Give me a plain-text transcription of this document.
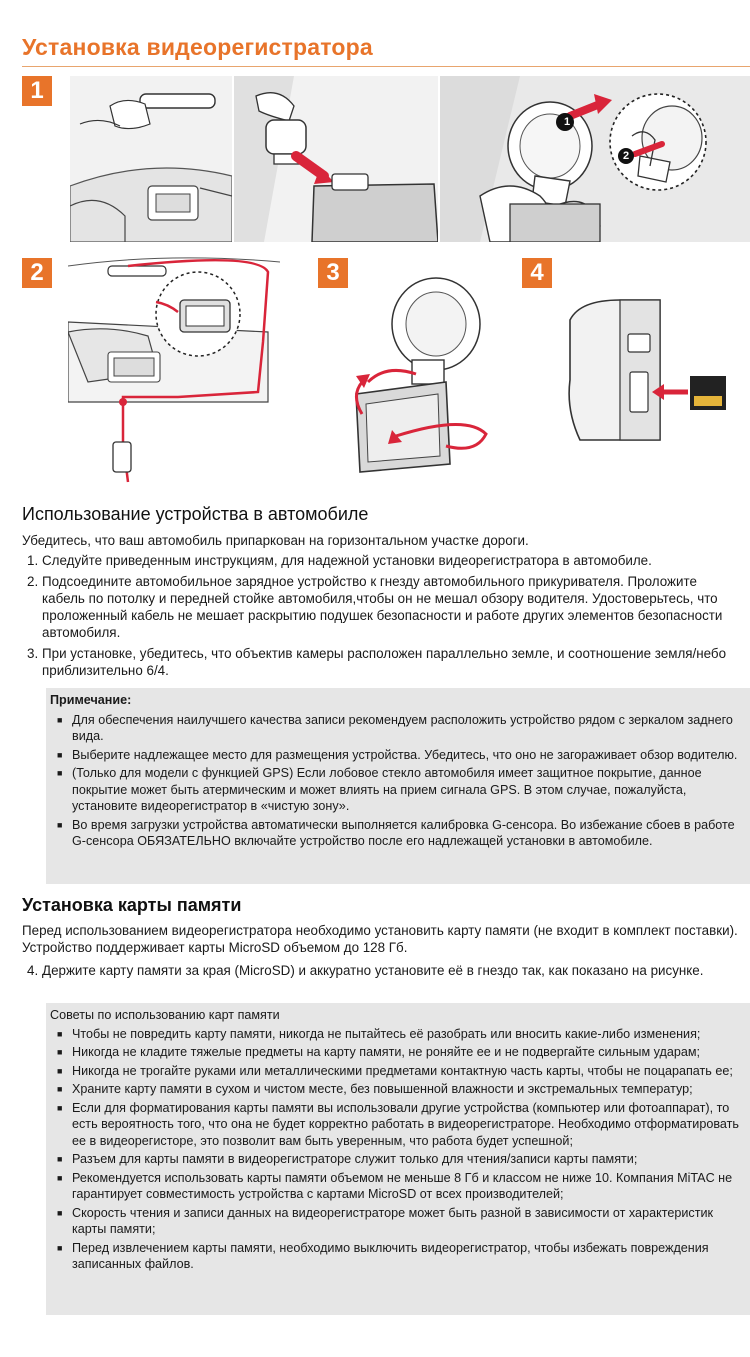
Установка видеорегистратора
1
1
2
2	3	4
Использование устройства в автомобиле
Убедитесь, что ваш автомобиль припаркован на горизонтальном участке дороги.
1. Следуйте приведенным инструкциям, для надежной установки видеорегистратора в автомобиле.
2. Подсоедините автомобильное зарядное устройство к гнезду автомобильного прикуривателя. Проложите кабель по потолку и передней стойке автомобиля,чтобы он не мешал обзору водителя. Удостоверьтесь, что проложенный кабель не мешает раскрытию подушек безопасности и работе других элементов безопасности автомобиля.
3. При установке, убедитесь, что объектив камеры расположен параллельно земле, и соотношение земля/небо приблизительно 6/4.
Примечание:
■ Для обеспечения наилучшего качества записи рекомендуем расположить устройство рядом с зеркалом заднего вида.
■ Выберите надлежащее место для размещения устройства. Убедитесь, что оно не загораживает обзор водителю.
■ (Только для модели с функцией GPS) Если лобовое стекло автомобиля имеет защитное покрытие, данное покрытие может быть атермическим и может влиять на прием сигнала GPS. В этом случае, пожалуйста, установите видеорегистратор в «чистую зону».
■ Во время загрузки устройства автоматически выполняется калибровка G-сенсора. Во избежание сбоев в работе G-сенсора ОБЯЗАТЕЛЬНО включайте устройство после его надлежащей установки в автомобиле.
Установка карты памяти
Перед использованием видеорегистратора необходимо установить карту памяти (не входит в комплект поставки). Устройство поддерживает карты MicroSD объемом до 128 Гб.
4. Держите карту памяти за края (MicroSD) и аккуратно установите её в гнездо так, как показано на рисунке.
Советы по использованию карт памяти
■ Чтобы не повредить карту памяти, никогда не пытайтесь её разобрать или вносить какие-либо изменения;
■ Никогда не кладите тяжелые предметы на карту памяти, не роняйте ее и не подвергайте сильным ударам;
■ Никогда не трогайте руками или металлическими предметами контактную часть карты, чтобы не поцарапать ее;
■ Храните карту памяти в сухом и чистом месте, без повышенной влажности и экстремальных температур;
■ Если для форматирования карты памяти вы использовали другие устройства (компьютер или фотоаппарат), то есть вероятность того, что она не будет корректно работать в видеорегистраторе. Необходимо отформатировать ее в видеорегисторе, это позволит вам быть уверенным, что работа будет успешной;
■ Разъем для карты памяти в видеорегистраторе служит только для чтения/записи карты памяти;
■ Рекомендуется использовать карты памяти объемом не меньше 8 Гб и классом не ниже 10. Компания MiTAC не гарантирует совместимость устройства с картами MicroSD от всех производителей;
■ Скорость чтения и записи данных на видеорегистраторе может быть разной в зависимости от характеристик карты памяти;
■ Перед извлечением карты памяти, необходимо выключить видеорегистратор, чтобы избежать повреждения записанных файлов.
